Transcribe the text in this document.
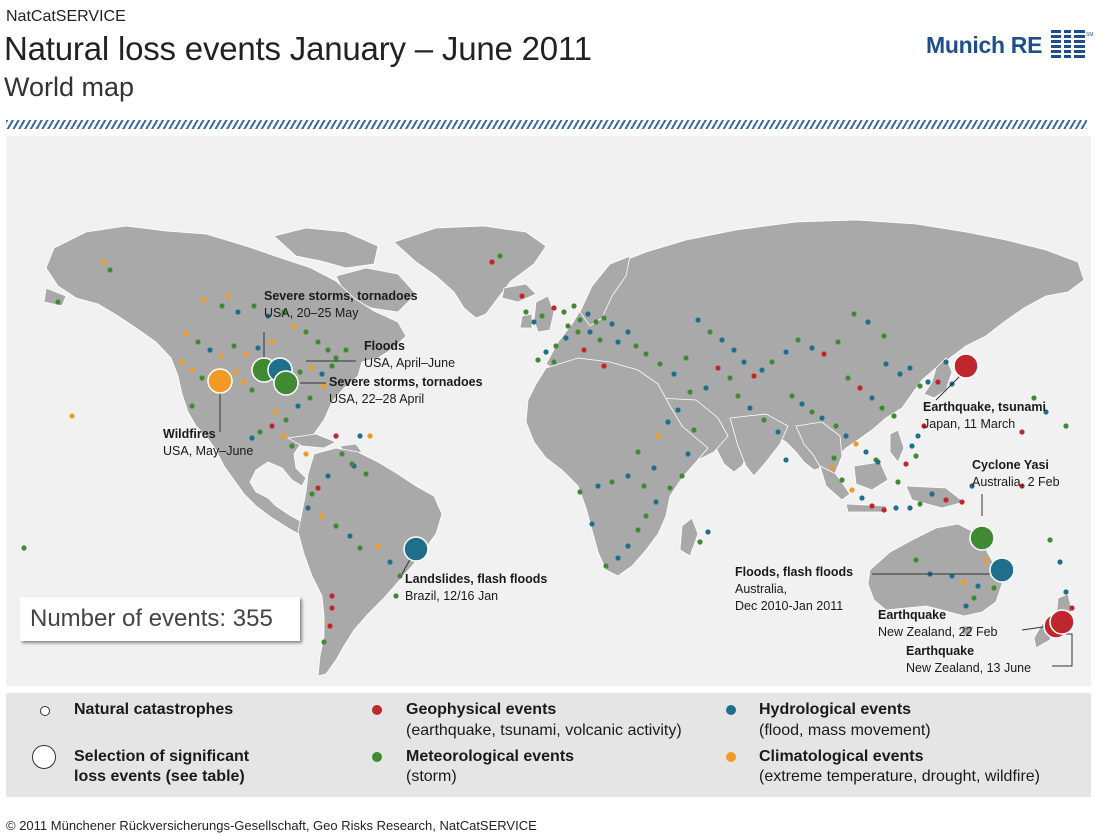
NatCatSERVICE
Natural loss events January – June 2011
World map
Munich RE	SM
Severe storms, tornadoes
USA, 20–25 May
Floods
USA, April–June
Severe storms, tornadoes
USA, 22–28 April
Wildfires
USA, May–June
Landslides, flash floods
Brazil, 12/16 Jan
Earthquake, tsunami
Japan, 11 March
Cyclone Yasi
Australia, 2 Feb
Floods, flash floods
Australia,
Dec 2010-Jan 2011
Earthquake
New Zealand, 22 Feb
Earthquake
New Zealand, 13 June
Number of events: 355
Natural catastrophes
Selection of significant
loss events (see table)
Geophysical events
(earthquake, tsunami, volcanic activity)
Meteorological events
(storm)
Hydrological events
(flood, mass movement)
Climatological events
(extreme temperature, drought, wildfire)
© 2011 Münchener Rückversicherungs-Gesellschaft, Geo Risks Research, NatCatSERVICE
